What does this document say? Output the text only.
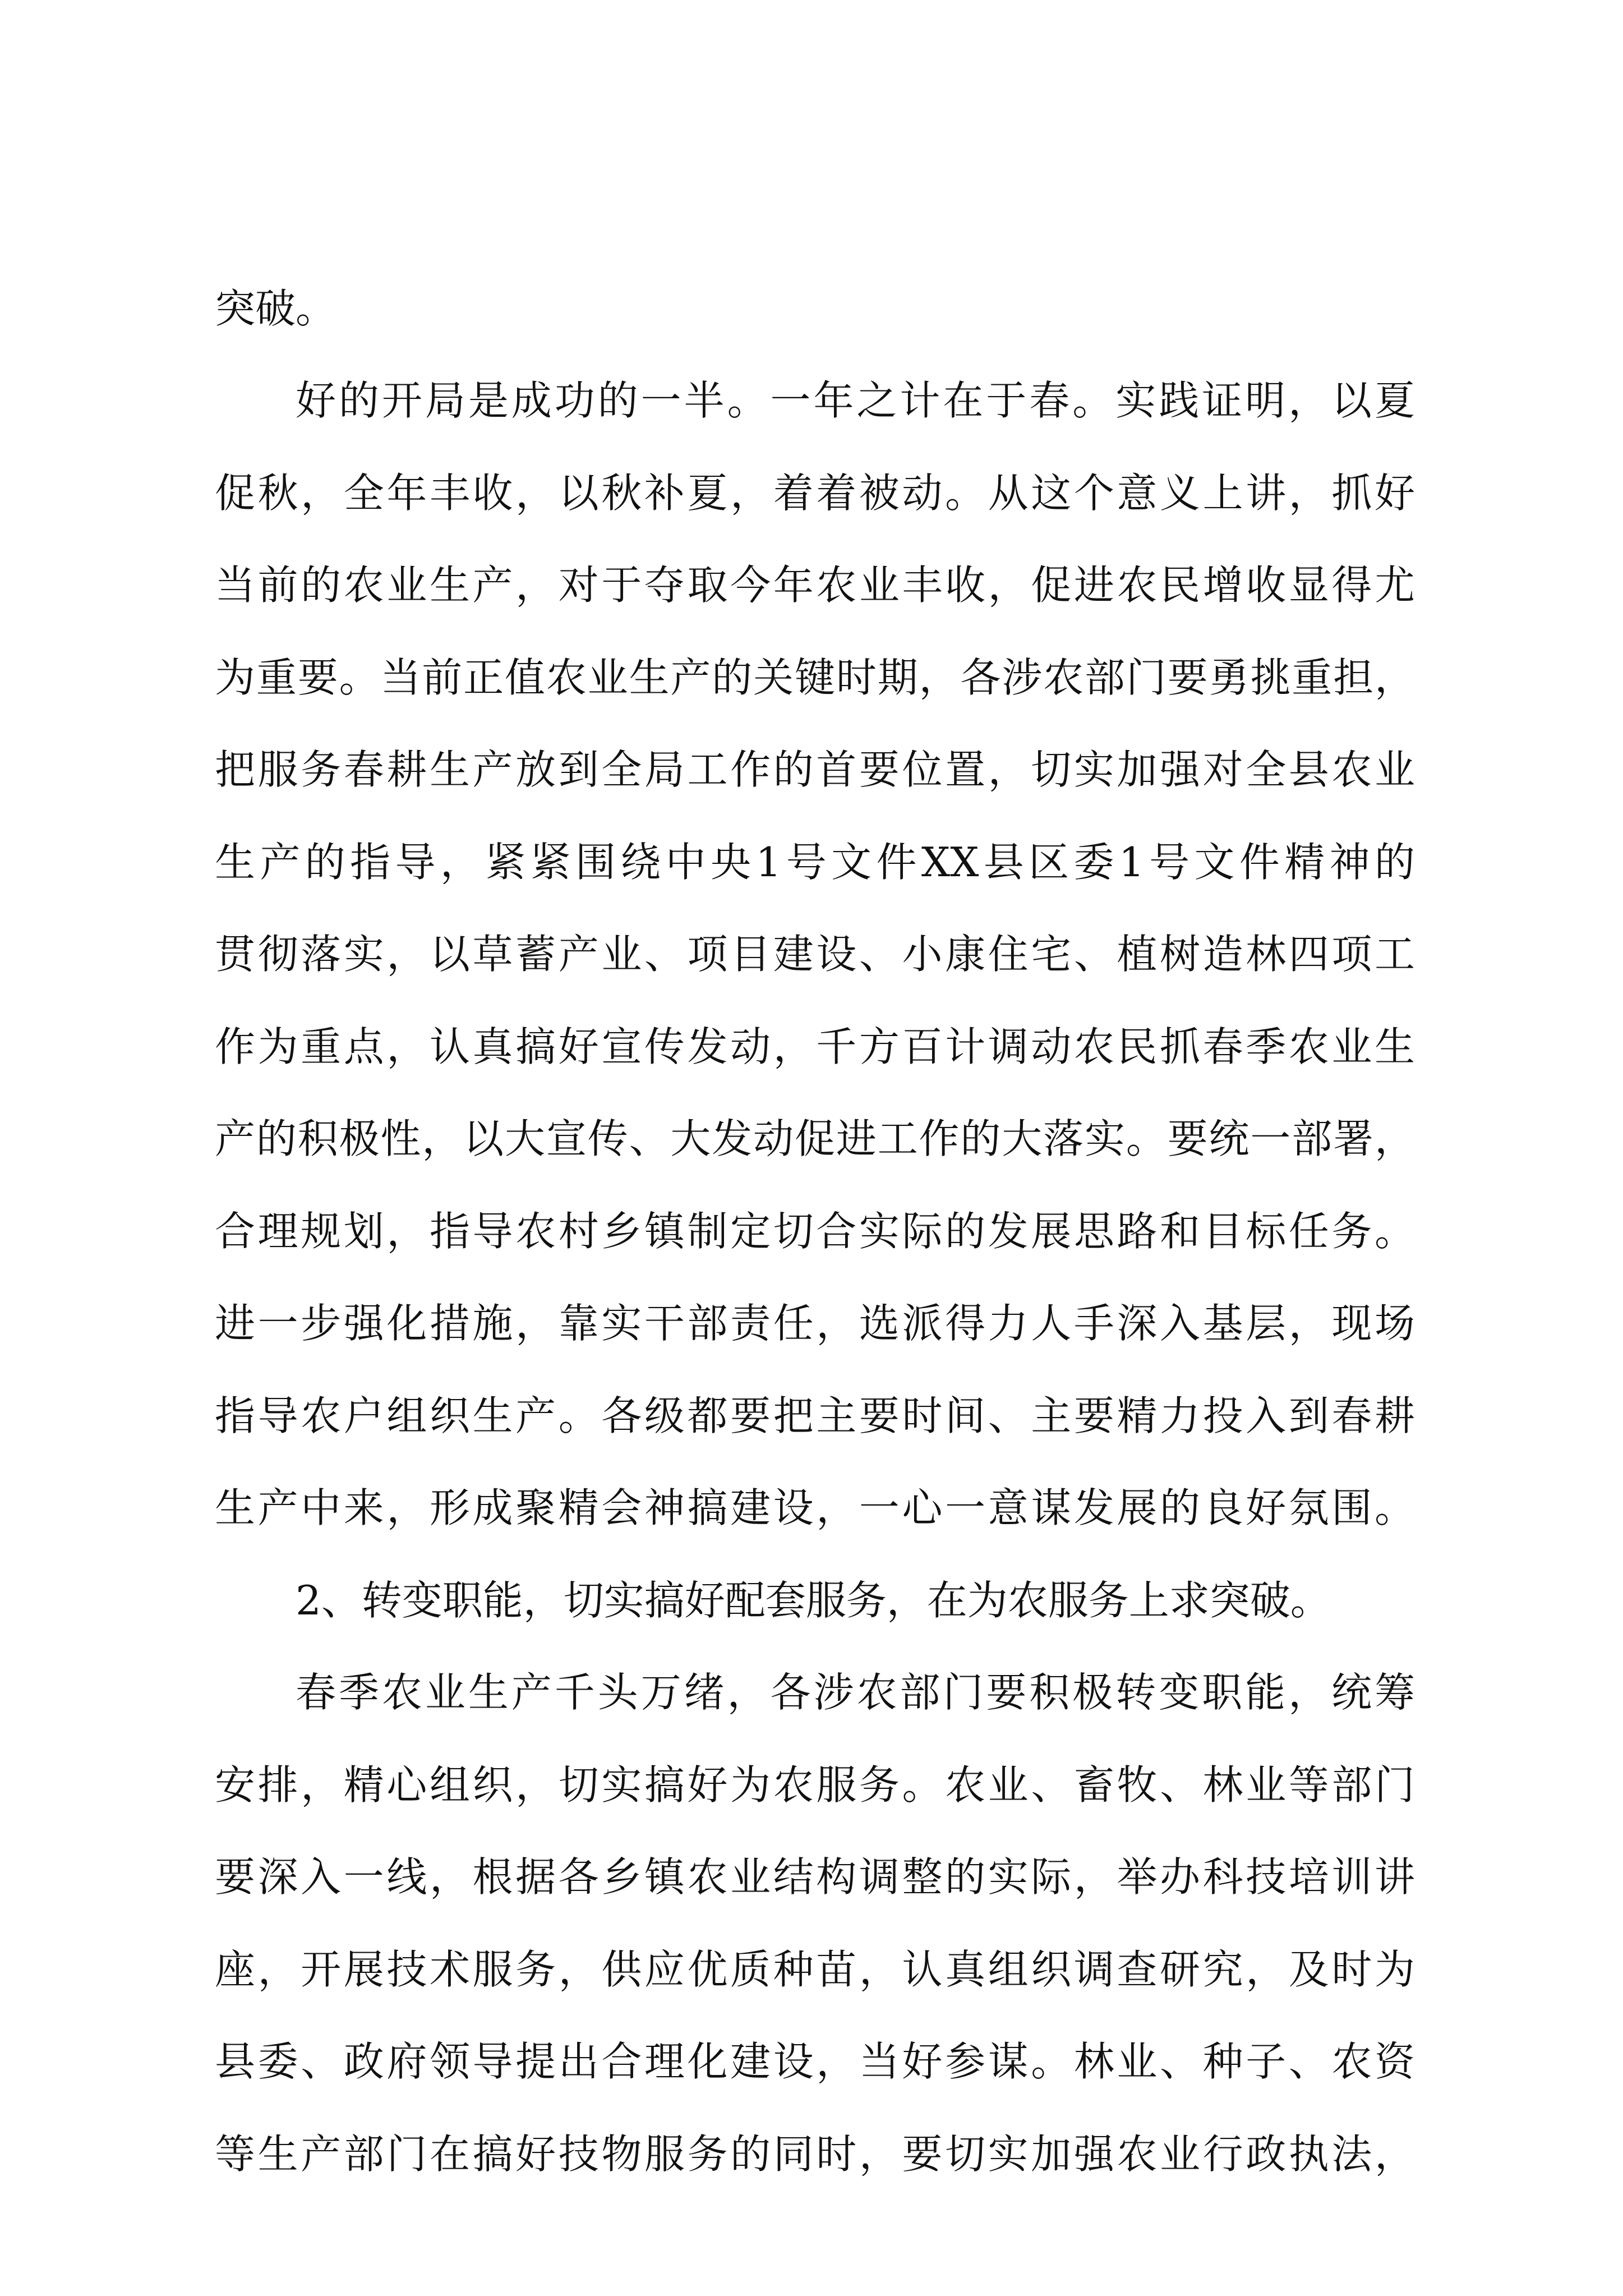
突破。
好的开局是成功的一半。一年之计在于春。实践证明，以夏
促秋，全年丰收，以秋补夏，着着被动。从这个意义上讲，抓好
当前的农业生产，对于夺取今年农业丰收，促进农民增收显得尤
为重要。当前正值农业生产的关键时期，各涉农部门要勇挑重担，
把服务春耕生产放到全局工作的首要位置，切实加强对全县农业
生产的指导，紧紧围绕中央1号文件XX县区委1号文件精神的
贯彻落实，以草蓄产业、项目建设、小康住宅、植树造林四项工
作为重点，认真搞好宣传发动，千方百计调动农民抓春季农业生
产的积极性，以大宣传、大发动促进工作的大落实。要统一部署，
合理规划，指导农村乡镇制定切合实际的发展思路和目标任务。
进一步强化措施，靠实干部责任，选派得力人手深入基层，现场
指导农户组织生产。各级都要把主要时间、主要精力投入到春耕
生产中来，形成聚精会神搞建设，一心一意谋发展的良好氛围。
2、转变职能，切实搞好配套服务，在为农服务上求突破。
春季农业生产千头万绪，各涉农部门要积极转变职能，统筹
安排，精心组织，切实搞好为农服务。农业、畜牧、林业等部门
要深入一线，根据各乡镇农业结构调整的实际，举办科技培训讲
座，开展技术服务，供应优质种苗，认真组织调查研究，及时为
县委、政府领导提出合理化建设，当好参谋。林业、种子、农资
等生产部门在搞好技物服务的同时，要切实加强农业行政执法，
